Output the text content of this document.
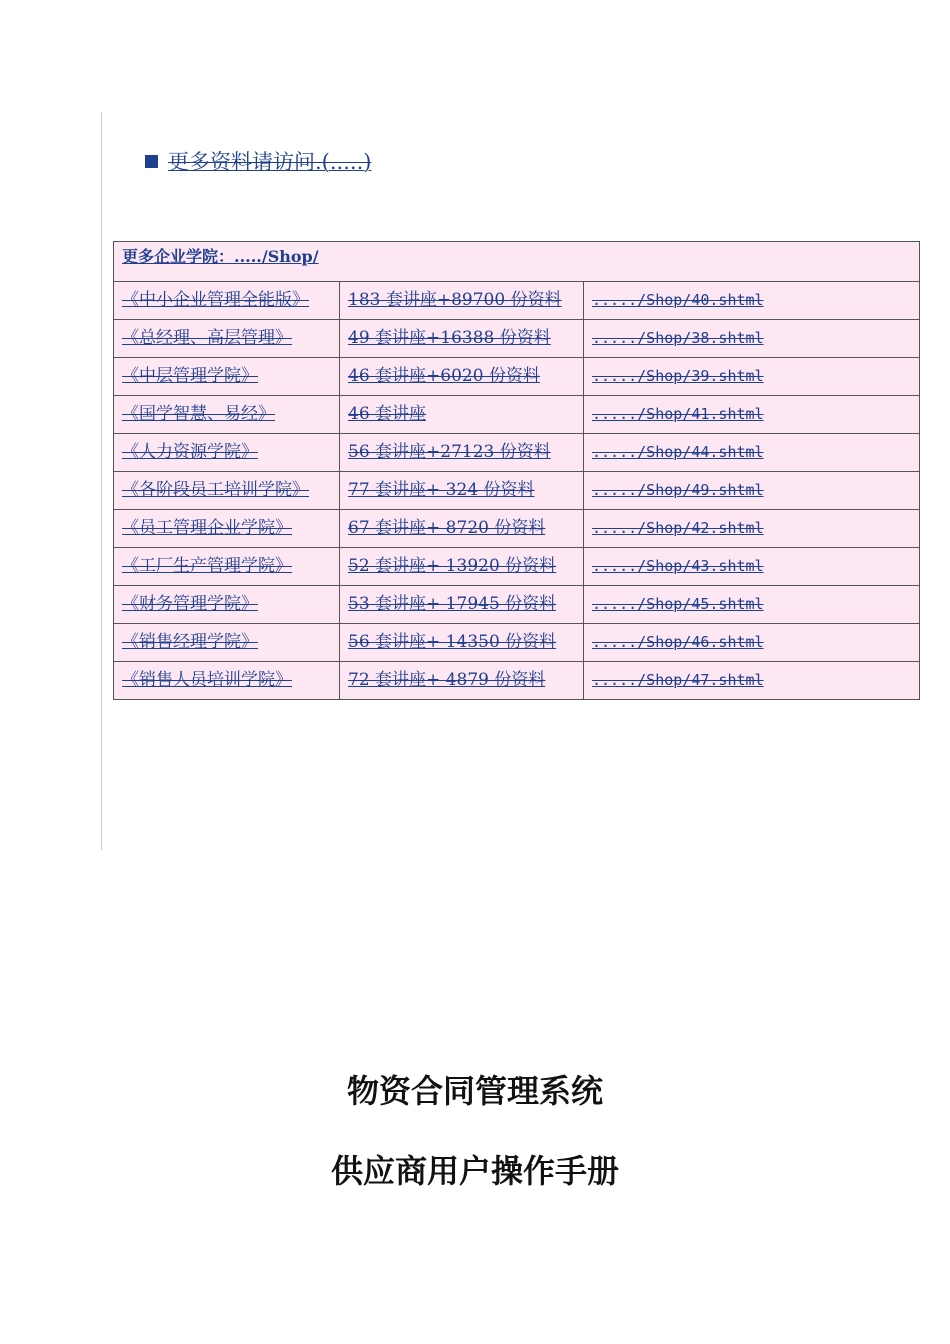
更多资料请访问.(.....)
更多企业学院：...../Shop/		
《中小企业管理全能版》	183 套讲座+89700 份资料	...../Shop/40.shtml
《总经理、高层管理》	49 套讲座+16388 份资料	...../Shop/38.shtml
《中层管理学院》	46 套讲座+6020 份资料	...../Shop/39.shtml
《国学智慧、易经》	46 套讲座	...../Shop/41.shtml
《人力资源学院》	56 套讲座+27123 份资料	...../Shop/44.shtml
《各阶段员工培训学院》	77 套讲座+ 324 份资料	...../Shop/49.shtml
《员工管理企业学院》	67 套讲座+ 8720 份资料	...../Shop/42.shtml
《工厂生产管理学院》	52 套讲座+ 13920 份资料	...../Shop/43.shtml
《财务管理学院》	53 套讲座+ 17945 份资料	...../Shop/45.shtml
《销售经理学院》	56 套讲座+ 14350 份资料	...../Shop/46.shtml
《销售人员培训学院》	72 套讲座+ 4879 份资料	...../Shop/47.shtml
物资合同管理系统
供应商用户操作手册
